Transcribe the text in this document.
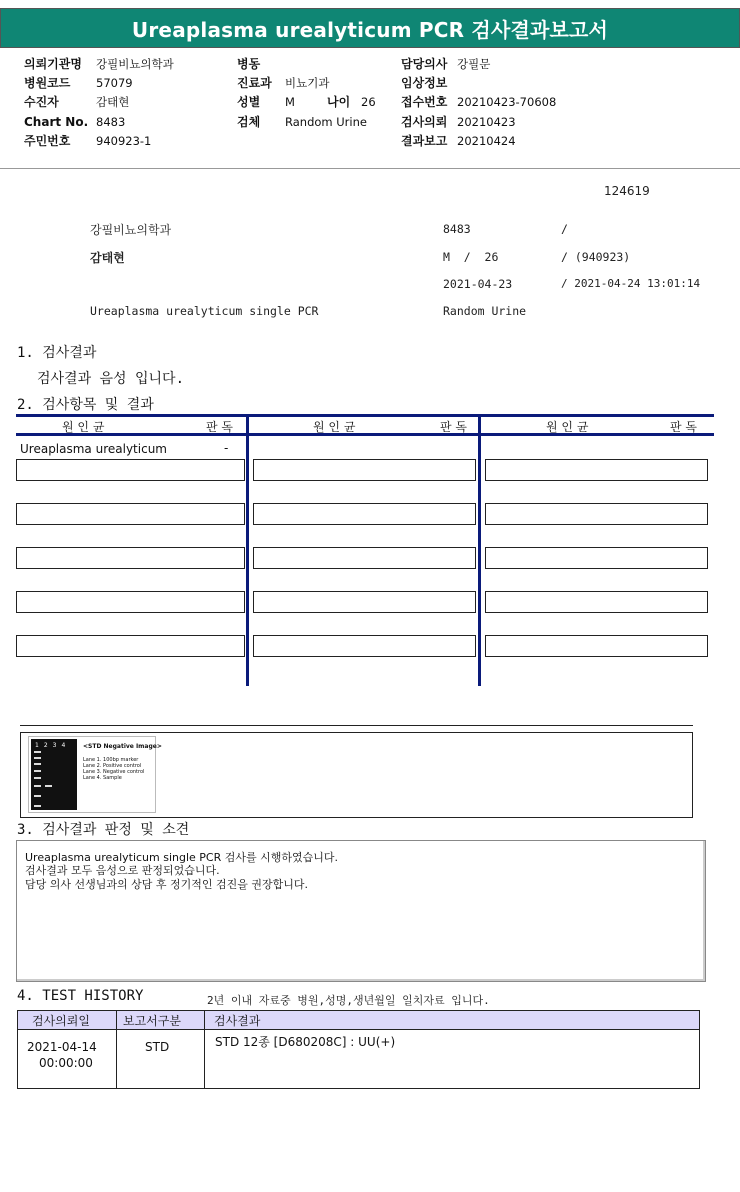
Ureaplasma urealyticum PCR 검사결과보고서
의뢰기관명 강필비뇨의학과
병원코드 57079
수진자	감태현
Chart No. 8483
주민번호 940923-1
병동
진료과 비뇨기과
성별 M	나이 26
검체 Random Urine
담당의사 강필문
임상정보
접수번호 20210423-70608
검사의뢰 20210423
결과보고 20210424
124619
강필비뇨의학과	8483	/
감태현	M  /  26	/ (940923)
2021-04-23	/ 2021-04-24 13:01:14
Ureaplasma urealyticum single PCR	Random Urine
1. 검사결과
검사결과 음성 입니다.
2. 검사항목 및 결과
원 인 균	판 독	원 인 균	판 독	원 인 균	판 독
Ureaplasma urealyticum	-
1234 <STD Negative Image>
Lane 1. 100bp marker
Lane 2. Positive control
Lane 3. Negative control
Lane 4. Sample
3. 검사결과 판정 및 소견
Ureaplasma urealyticum single PCR 검사를 시행하였습니다.
검사결과 모두 음성으로 판정되었습니다.
담당 의사 선생님과의 상담 후 정기적인 검진을 권장합니다.
4. TEST HISTORY	2년 이내 자료중 병원,성명,생년월일 일치자료 입니다.
검사의뢰일	보고서구분	검사결과
2021-04-14
00:00:00
STD	STD 12종 [D680208C] : UU(+)
